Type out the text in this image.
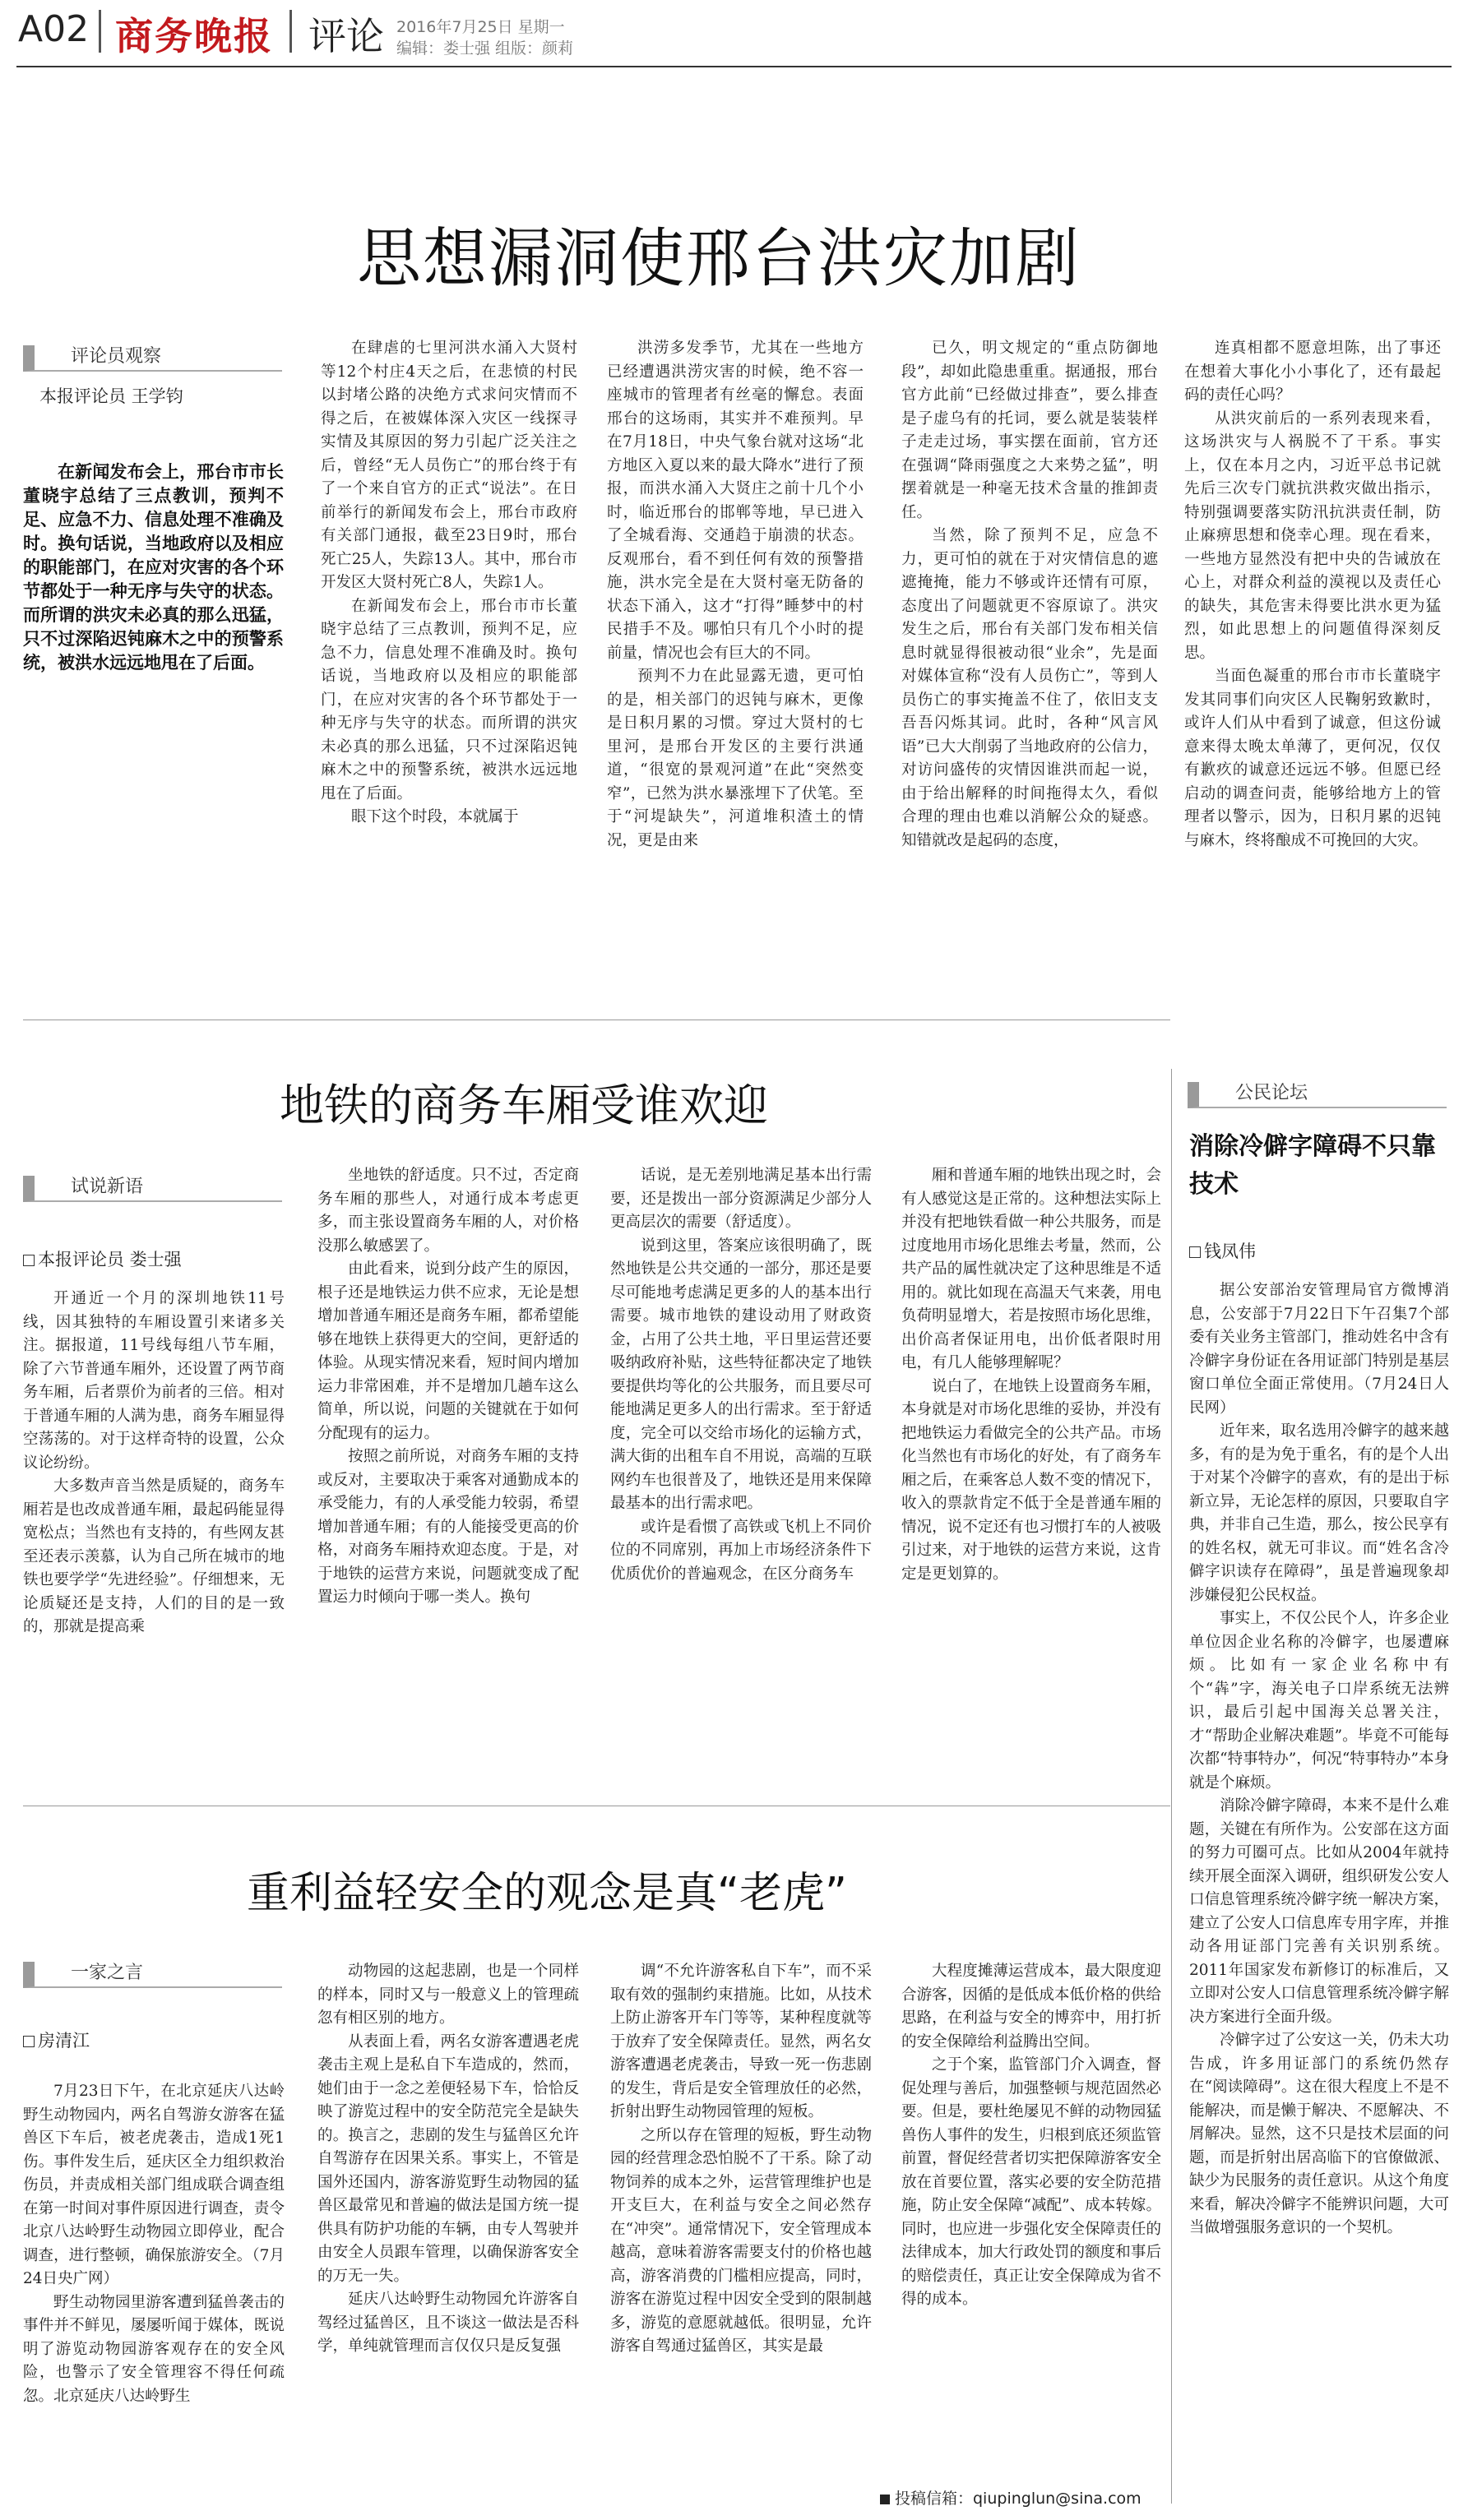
A02 商务晚报 评论 2016年7月25日 星期一
编辑：娄士强 组版：颜莉
思想漏洞使邢台洪灾加剧
评论员观察
本报评论员 王学钧

在新闻发布会上，邢台市市长董晓宇总结了三点教训，预判不足、应急不力、信息处理不准确及时。换句话说，当地政府以及相应的职能部门，在应对灾害的各个环节都处于一种无序与失守的状态。而所谓的洪灾未必真的那么迅猛，只不过深陷迟钝麻木之中的预警系统，被洪水远远地甩在了后面。

在肆虐的七里河洪水涌入大贤村等12个村庄4天之后，在悲愤的村民以封堵公路的决绝方式求问灾情而不得之后，在被媒体深入灾区一线探寻实情及其原因的努力引起广泛关注之后，曾经“无人员伤亡”的邢台终于有了一个来自官方的正式“说法”。在日前举行的新闻发布会上，邢台市政府有关部门通报，截至23日9时，邢台死亡25人，失踪13人。其中，邢台市开发区大贤村死亡8人，失踪1人。

在新闻发布会上，邢台市市长董晓宇总结了三点教训，预判不足，应急不力，信息处理不准确及时。换句话说，当地政府以及相应的职能部门，在应对灾害的各个环节都处于一种无序与失守的状态。而所谓的洪灾未必真的那么迅猛，只不过深陷迟钝麻木之中的预警系统，被洪水远远地甩在了后面。

眼下这个时段，本就属于

洪涝多发季节，尤其在一些地方已经遭遇洪涝灾害的时候，绝不容一座城市的管理者有丝毫的懈怠。表面邢台的这场雨，其实并不难预判。早在7月18日，中央气象台就对这场“北方地区入夏以来的最大降水”进行了预报，而洪水涌入大贤庄之前十几个小时，临近邢台的邯郸等地，早已进入了全城看海、交通趋于崩溃的状态。反观邢台，看不到任何有效的预警措施，洪水完全是在大贤村毫无防备的状态下涌入，这才“打得”睡梦中的村民措手不及。哪怕只有几个小时的提前量，情况也会有巨大的不同。

预判不力在此显露无遗，更可怕的是，相关部门的迟钝与麻木，更像是日积月累的习惯。穿过大贤村的七里河，是邢台开发区的主要行洪通道，“很宽的景观河道”在此“突然变窄”，已然为洪水暴涨埋下了伏笔。至于“河堤缺失”，河道堆积渣土的情况，更是由来

已久，明文规定的“重点防御地段”，却如此隐患重重。据通报，邢台官方此前“已经做过排查”，要么排查是子虚乌有的托词，要么就是装装样子走走过场，事实摆在面前，官方还在强调“降雨强度之大来势之猛”，明摆着就是一种毫无技术含量的推卸责任。

当然，除了预判不足，应急不力，更可怕的就在于对灾情信息的遮遮掩掩，能力不够或许还情有可原，态度出了问题就更不容原谅了。洪灾发生之后，邢台有关部门发布相关信息时就显得很被动很“业余”，先是面对媒体宣称“没有人员伤亡”，等到人员伤亡的事实掩盖不住了，依旧支支吾吾闪烁其词。此时，各种“风言风语”已大大削弱了当地政府的公信力，对访问盛传的灾情因谁洪而起一说，由于给出解释的时间拖得太久，看似合理的理由也难以消解公众的疑惑。知错就改是起码的态度，

连真相都不愿意坦陈，出了事还在想着大事化小小事化了，还有最起码的责任心吗？

从洪灾前后的一系列表现来看，这场洪灾与人祸脱不了干系。事实上，仅在本月之内，习近平总书记就先后三次专门就抗洪救灾做出指示，特别强调要落实防汛抗洪责任制，防止麻痹思想和侥幸心理。现在看来，一些地方显然没有把中央的告诫放在心上，对群众利益的漠视以及责任心的缺失，其危害未得要比洪水更为猛烈，如此思想上的问题值得深刻反思。

当面色凝重的邢台市市长董晓宇发其同事们向灾区人民鞠躬致歉时，或许人们从中看到了诚意，但这份诚意来得太晚太单薄了，更何况，仅仅有歉疚的诚意还远远不够。但愿已经启动的调查问责，能够给地方上的管理者以警示，因为，日积月累的迟钝与麻木，终将酿成不可挽回的大灾。

地铁的商务车厢受谁欢迎
试说新语
本报评论员 娄士强

开通近一个月的深圳地铁11号线，因其独特的车厢设置引来诸多关注。据报道，11号线每组八节车厢，除了六节普通车厢外，还设置了两节商务车厢，后者票价为前者的三倍。相对于普通车厢的人满为患，商务车厢显得空荡荡的。对于这样奇特的设置，公众议论纷纷。

大多数声音当然是质疑的，商务车厢若是也改成普通车厢，最起码能显得宽松点；当然也有支持的，有些网友甚至还表示羡慕，认为自己所在城市的地铁也要学学“先进经验”。仔细想来，无论质疑还是支持，人们的目的是一致的，那就是提高乘

坐地铁的舒适度。只不过，否定商务车厢的那些人，对通行成本考虑更多，而主张设置商务车厢的人，对价格没那么敏感罢了。

由此看来，说到分歧产生的原因，根子还是地铁运力供不应求，无论是想增加普通车厢还是商务车厢，都希望能够在地铁上获得更大的空间，更舒适的体验。从现实情况来看，短时间内增加运力非常困难，并不是增加几趟车这么简单，所以说，问题的关键就在于如何分配现有的运力。

按照之前所说，对商务车厢的支持或反对，主要取决于乘客对通勤成本的承受能力，有的人承受能力较弱，希望增加普通车厢；有的人能接受更高的价格，对商务车厢持欢迎态度。于是，对于地铁的运营方来说，问题就变成了配置运力时倾向于哪一类人。换句

话说，是无差别地满足基本出行需要，还是拨出一部分资源满足少部分人更高层次的需要（舒适度）。

说到这里，答案应该很明确了，既然地铁是公共交通的一部分，那还是要尽可能地考虑满足更多的人的基本出行需要。城市地铁的建设动用了财政资金，占用了公共土地，平日里运营还要吸纳政府补贴，这些特征都决定了地铁要提供均等化的公共服务，而且要尽可能地满足更多人的出行需求。至于舒适度，完全可以交给市场化的运输方式，满大街的出租车自不用说，高端的互联网约车也很普及了，地铁还是用来保障最基本的出行需求吧。

或许是看惯了高铁或飞机上不同价位的不同席别，再加上市场经济条件下优质优价的普遍观念，在区分商务车

厢和普通车厢的地铁出现之时，会有人感觉这是正常的。这种想法实际上并没有把地铁看做一种公共服务，而是过度地用市场化思维去考量，然而，公共产品的属性就决定了这种思维是不适用的。就比如现在高温天气来袭，用电负荷明显增大，若是按照市场化思维，出价高者保证用电，出价低者限时用电，有几人能够理解呢？

说白了，在地铁上设置商务车厢，本身就是对市场化思维的妥协，并没有把地铁运力看做完全的公共产品。市场化当然也有市场化的好处，有了商务车厢之后，在乘客总人数不变的情况下，收入的票款肯定不低于全是普通车厢的情况，说不定还有也习惯打车的人被吸引过来，对于地铁的运营方来说，这肯定是更划算的。

公民论坛
消除冷僻字障碍不只靠技术
钱凤伟

据公安部治安管理局官方微博消息，公安部于7月22日下午召集7个部委有关业务主管部门，推动姓名中含有冷僻字身份证在各用证部门特别是基层窗口单位全面正常使用。（7月24日人民网）

近年来，取名选用冷僻字的越来越多，有的是为免于重名，有的是个人出于对某个冷僻字的喜欢，有的是出于标新立异，无论怎样的原因，只要取自字典，并非自己生造，那么，按公民享有的姓名权，就无可非议。而“姓名含冷僻字识读存在障碍”，虽是普遍现象却涉嫌侵犯公民权益。

事实上，不仅公民个人，许多企业单位因企业名称的冷僻字，也屡遭麻烦。比如有一家企业名称中有个“犇”字，海关电子口岸系统无法辨识，最后引起中国海关总署关注，才“帮助企业解决难题”。毕竟不可能每次都“特事特办”，何况“特事特办”本身就是个麻烦。

消除冷僻字障碍，本来不是什么难题，关键在有所作为。公安部在这方面的努力可圈可点。比如从2004年就持续开展全面深入调研，组织研发公安人口信息管理系统冷僻字统一解决方案，建立了公安人口信息库专用字库，并推动各用证部门完善有关识别系统。2011年国家发布新修订的标准后，又立即对公安人口信息管理系统冷僻字解决方案进行全面升级。

冷僻字过了公安这一关，仍未大功告成，许多用证部门的系统仍然存在“阅读障碍”。这在很大程度上不是不能解决，而是懒于解决、不愿解决、不屑解决。显然，这不只是技术层面的问题，而是折射出居高临下的官僚做派、缺少为民服务的责任意识。从这个角度来看，解决冷僻字不能辨识问题，大可当做增强服务意识的一个契机。

重利益轻安全的观念是真“老虎”
一家之言
房清江

7月23日下午，在北京延庆八达岭野生动物园内，两名自驾游女游客在猛兽区下车后，被老虎袭击，造成1死1伤。事件发生后，延庆区全力组织救治伤员，并责成相关部门组成联合调查组在第一时间对事件原因进行调查，责令北京八达岭野生动物园立即停业，配合调查，进行整顿，确保旅游安全。（7月24日央广网）

野生动物园里游客遭到猛兽袭击的事件并不鲜见，屡屡听闻于媒体，既说明了游览动物园游客观存在的安全风险，也警示了安全管理容不得任何疏忽。北京延庆八达岭野生

动物园的这起悲剧，也是一个同样的样本，同时又与一般意义上的管理疏忽有相区别的地方。

从表面上看，两名女游客遭遇老虎袭击主观上是私自下车造成的，然而，她们由于一念之差便轻易下车，恰恰反映了游览过程中的安全防范完全是缺失的。换言之，悲剧的发生与猛兽区允许自驾游存在因果关系。事实上，不管是国外还国内，游客游览野生动物园的猛兽区最常见和普遍的做法是国方统一提供具有防护功能的车辆，由专人驾驶并由安全人员跟车管理，以确保游客安全的万无一失。

延庆八达岭野生动物园允许游客自驾经过猛兽区，且不谈这一做法是否科学，单纯就管理而言仅仅只是反复强

调“不允许游客私自下车”，而不采取有效的强制约束措施。比如，从技术上防止游客开车门等等，某种程度就等于放弃了安全保障责任。显然，两名女游客遭遇老虎袭击，导致一死一伤悲剧的发生，背后是安全管理放任的必然，折射出野生动物园管理的短板。

之所以存在管理的短板，野生动物园的经营理念恐怕脱不了干系。除了动物饲养的成本之外，运营管理维护也是开支巨大，在利益与安全之间必然存在“冲突”。通常情况下，安全管理成本越高，意味着游客需要支付的价格也越高，游客消费的门槛相应提高，同时，游客在游览过程中因安全受到的限制越多，游览的意愿就越低。很明显，允许游客自驾通过猛兽区，其实是最

大程度摊薄运营成本，最大限度迎合游客，因循的是低成本低价格的供给思路，在利益与安全的博弈中，用打折的安全保障给利益腾出空间。

之于个案，监管部门介入调查，督促处理与善后，加强整顿与规范固然必要。但是，要杜绝屡见不鲜的动物园猛兽伤人事件的发生，归根到底还须监管前置，督促经营者切实把保障游客安全放在首要位置，落实必要的安全防范措施，防止安全保障“减配”、成本转嫁。同时，也应进一步强化安全保障责任的法律成本，加大行政处罚的额度和事后的赔偿责任，真正让安全保障成为省不得的成本。

投稿信箱：qiupinglun@sina.com
